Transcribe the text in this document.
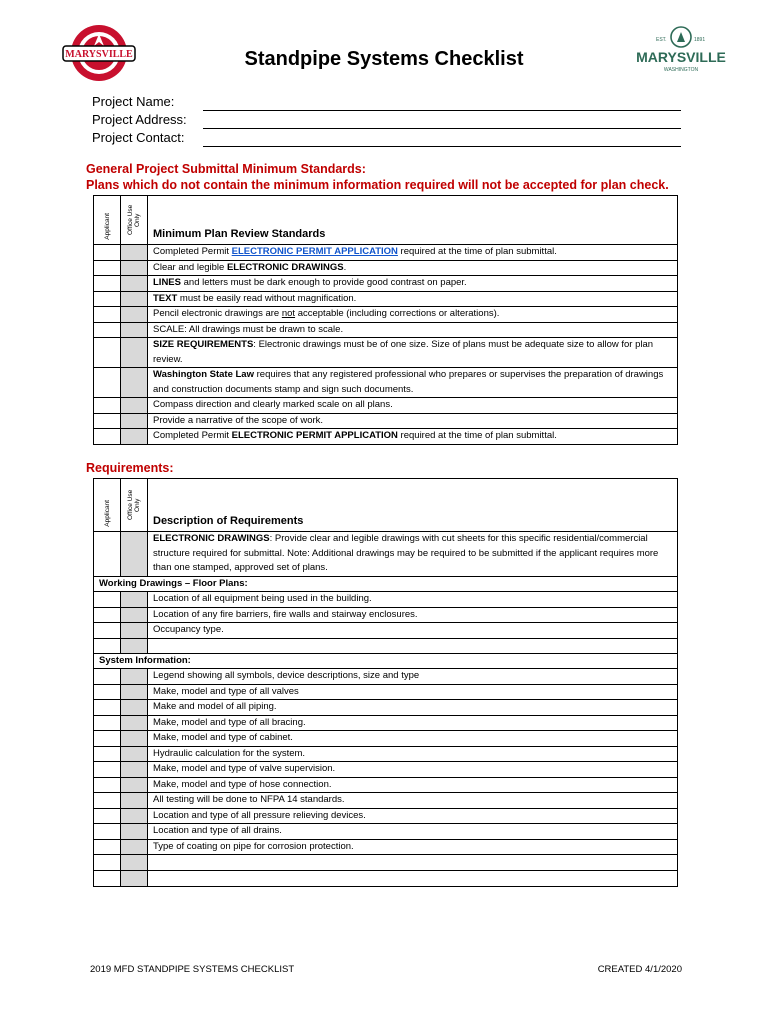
MARYSVILLE	Standpipe Systems Checklist
EST.	1891
MARYSVILLE
WASHINGTON
Project Name:
Project Address:
Project Contact:
General Project Submittal Minimum Standards:
Plans which do not contain the minimum information required will not be accepted for plan check.
Applicant	Office Use Only	Minimum Plan Review Standards

		Completed Permit ELECTRONIC PERMIT APPLICATION required at the time of plan submittal.
		Clear and legible ELECTRONIC DRAWINGS.
		LINES and letters must be dark enough to provide good contrast on paper.
		TEXT must be easily read without magnification.
		Pencil electronic drawings are not acceptable (including corrections or alterations).
		SCALE: All drawings must be drawn to scale.
		SIZE REQUIREMENTS: Electronic drawings must be of one size. Size of plans must be adequate size to allow for plan review.
		Washington State Law requires that any registered professional who prepares or supervises the preparation of drawings and construction documents stamp and sign such documents.
		Compass direction and clearly marked scale on all plans.
		Provide a narrative of the scope of work.
		Completed Permit ELECTRONIC PERMIT APPLICATION required at the time of plan submittal.
Requirements:
Applicant	Office Use Only	Description of Requirements

		ELECTRONIC DRAWINGS: Provide clear and legible drawings with cut sheets for this specific residential/commercial structure required for submittal. Note: Additional drawings may be required to be submitted if the applicant requires more than one stamped, approved set of plans.
Working Drawings – Floor Plans:		
		Location of all equipment being used in the building.
		Location of any fire barriers, fire walls and stairway enclosures.
		Occupancy type.

System Information:		
		Legend showing all symbols, device descriptions, size and type
		Make, model and type of all valves
		Make and model of all piping.
		Make, model and type of all bracing.
		Make, model and type of cabinet.
		Hydraulic calculation for the system.
		Make, model and type of valve supervision.
		Make, model and type of hose connection.
		All testing will be done to NFPA 14 standards.
		Location and type of all pressure relieving devices.
		Location and type of all drains.
		Type of coating on pipe for corrosion protection.

2019 MFD STANDPIPE SYSTEMS CHECKLIST	CREATED 4/1/2020
